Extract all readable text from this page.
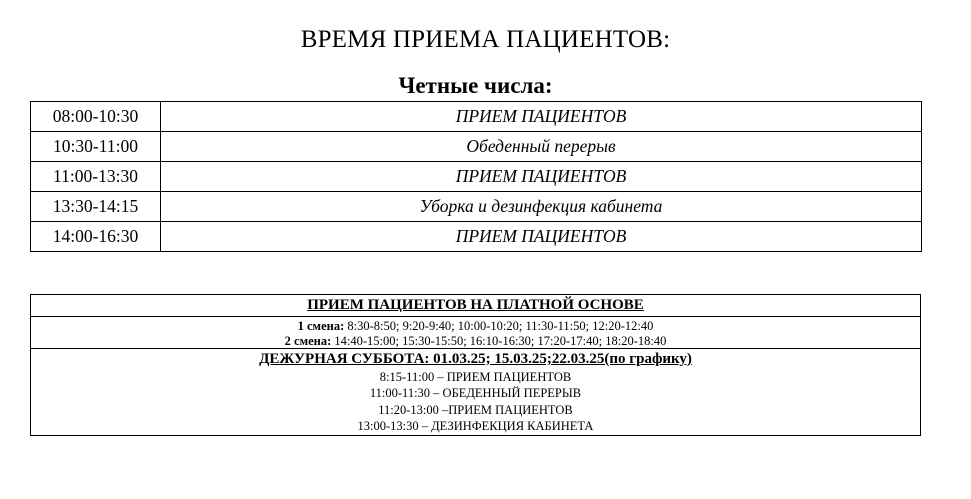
ВРЕМЯ ПРИЕМА ПАЦИЕНТОВ:
Четные числа:
08:00-10:30	ПРИЕМ ПАЦИЕНТОВ
10:30-11:00	Обеденный перерыв
11:00-13:30	ПРИЕМ ПАЦИЕНТОВ
13:30-14:15	Уборка и дезинфекция кабинета
14:00-16:30	ПРИЕМ ПАЦИЕНТОВ
ПРИЕМ ПАЦИЕНТОВ НА ПЛАТНОЙ ОСНОВЕ
1 смена: 8:30-8:50; 9:20-9:40; 10:00-10:20; 11:30-11:50; 12:20-12:40
2 смена: 14:40-15:00; 15:30-15:50; 16:10-16:30; 17:20-17:40; 18:20-18:40
ДЕЖУРНАЯ СУББОТА: 01.03.25; 15.03.25;22.03.25(по графику)
8:15-11:00 – ПРИЕМ ПАЦИЕНТОВ
11:00-11:30 – ОБЕДЕННЫЙ ПЕРЕРЫВ
11:20-13:00 –ПРИЕМ ПАЦИЕНТОВ
13:00-13:30 – ДЕЗИНФЕКЦИЯ КАБИНЕТА
